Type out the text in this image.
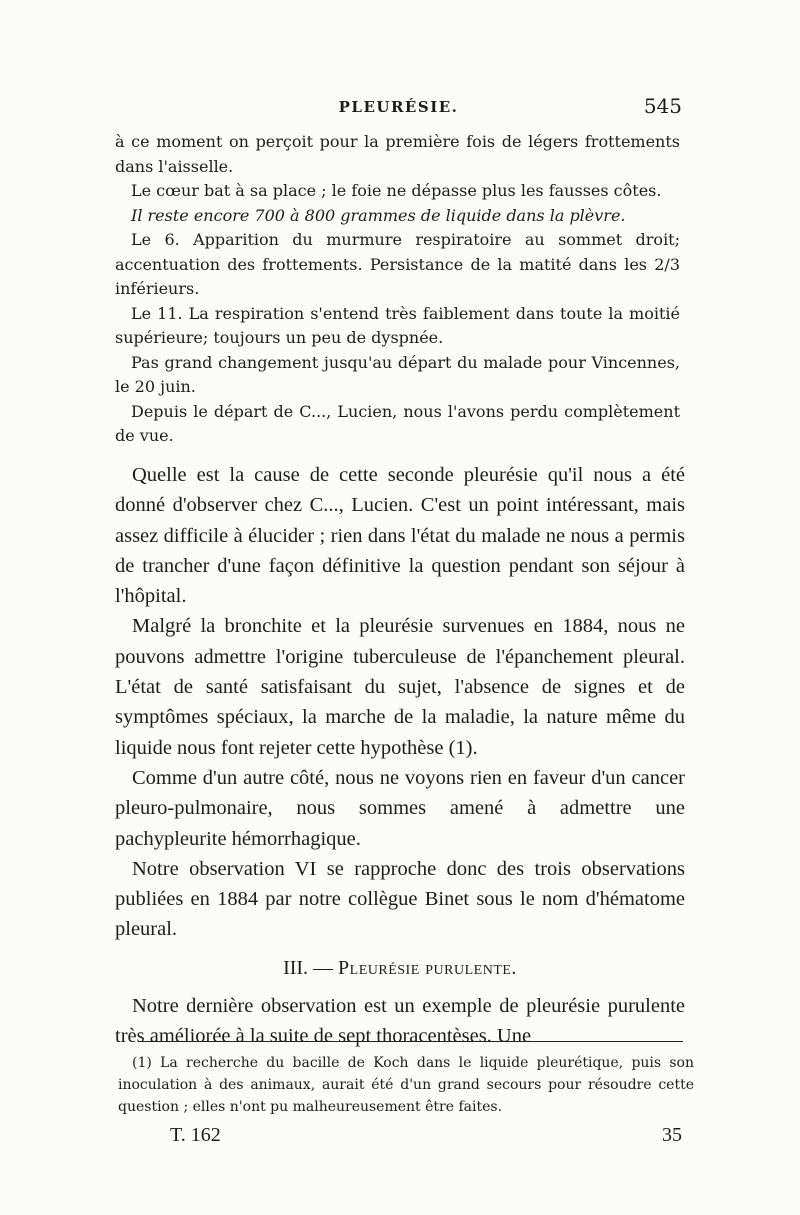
PLEURÉSIE.	545

à ce moment on perçoit pour la première fois de légers frottements dans l'aisselle.

Le cœur bat à sa place ; le foie ne dépasse plus les fausses côtes.

Il reste encore 700 à 800 grammes de liquide dans la plèvre.

Le 6. Apparition du murmure respiratoire au sommet droit; accentuation des frottements. Persistance de la matité dans les 2/3 inférieurs.

Le 11. La respiration s'entend très faiblement dans toute la moitié supérieure; toujours un peu de dyspnée.

Pas grand changement jusqu'au départ du malade pour Vincennes, le 20 juin.

Depuis le départ de C..., Lucien, nous l'avons perdu complètement de vue.

Quelle est la cause de cette seconde pleurésie qu'il nous a été donné d'observer chez C..., Lucien. C'est un point intéressant, mais assez difficile à élucider ; rien dans l'état du malade ne nous a permis de trancher d'une façon définitive la question pendant son séjour à l'hôpital.

Malgré la bronchite et la pleurésie survenues en 1884, nous ne pouvons admettre l'origine tuberculeuse de l'épanchement pleural. L'état de santé satisfaisant du sujet, l'absence de signes et de symptômes spéciaux, la marche de la maladie, la nature même du liquide nous font rejeter cette hypothèse (1).

Comme d'un autre côté, nous ne voyons rien en faveur d'un cancer pleuro-pulmonaire, nous sommes amené à admettre une pachypleurite hémorrhagique.

Notre observation VI se rapproche donc des trois observations publiées en 1884 par notre collègue Binet sous le nom d'hématome pleural.

III. — Pleurésie purulente.

Notre dernière observation est un exemple de pleurésie purulente très améliorée à la suite de sept thoracentèses. Une

(1) La recherche du bacille de Koch dans le liquide pleurétique, puis son inoculation à des animaux, aurait été d'un grand secours pour résoudre cette question ; elles n'ont pu malheureusement être faites.

T. 162	35
